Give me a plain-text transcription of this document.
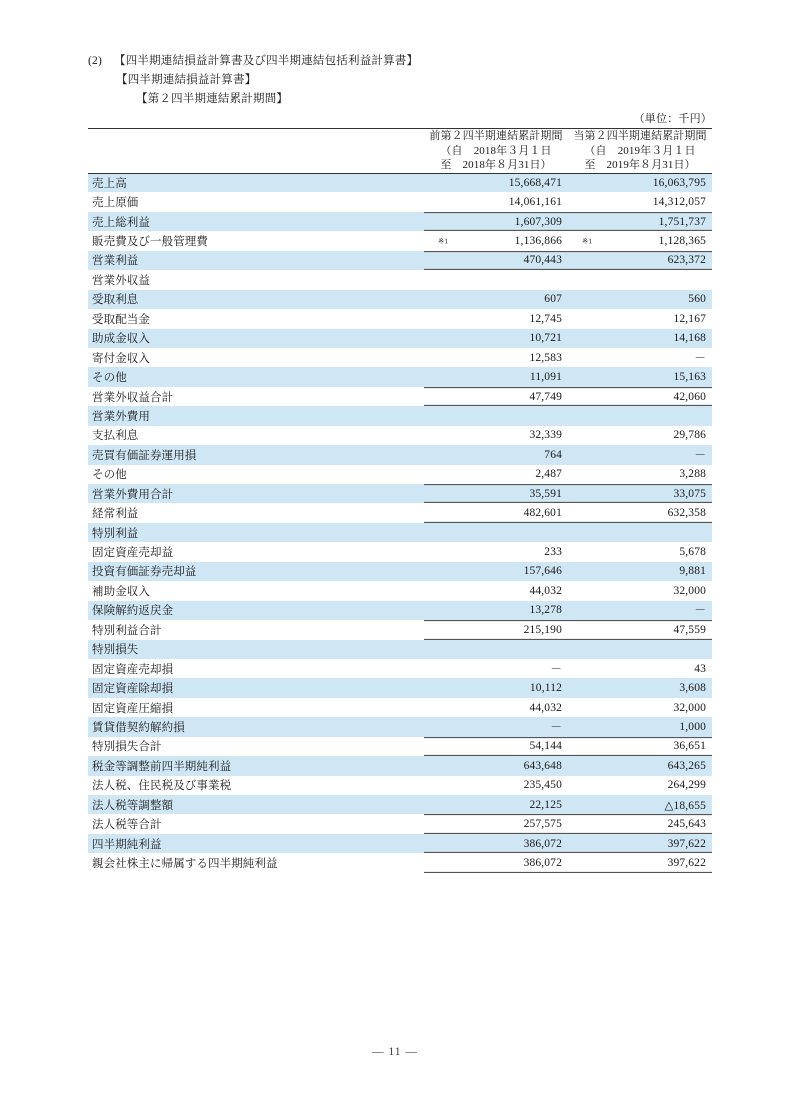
(2) 【四半期連結損益計算書及び四半期連結包括利益計算書】
【四半期連結損益計算書】
【第２四半期連結累計期間】
（単位：千円）

前第２四半期連結累計期間
（自　2018年３月１日
至　2018年８月31日）

当第２四半期連結累計期間
（自　2019年３月１日
至　2019年８月31日）

売上高	15,668,471	16,063,795
売上原価	14,061,161	14,312,057
売上総利益	1,607,309	1,751,737
販売費及び一般管理費	※1 1,136,866	※1 1,128,365
営業利益	470,443	623,372
営業外収益		
受取利息	607	560
受取配当金	12,745	12,167
助成金収入	10,721	14,168
寄付金収入	12,583	－
その他	11,091	15,163
営業外収益合計	47,749	42,060
営業外費用		
支払利息	32,339	29,786
売買有価証券運用損	764	－
その他	2,487	3,288
営業外費用合計	35,591	33,075
経常利益	482,601	632,358
特別利益		
固定資産売却益	233	5,678
投資有価証券売却益	157,646	9,881
補助金収入	44,032	32,000
保険解約返戻金	13,278	－
特別利益合計	215,190	47,559
特別損失		
固定資産売却損	－	43
固定資産除却損	10,112	3,608
固定資産圧縮損	44,032	32,000
賃貸借契約解約損	－	1,000
特別損失合計	54,144	36,651
税金等調整前四半期純利益	643,648	643,265
法人税、住民税及び事業税	235,450	264,299
法人税等調整額	22,125	△18,655
法人税等合計	257,575	245,643
四半期純利益	386,072	397,622
親会社株主に帰属する四半期純利益	386,072	397,622
― 11 ―
